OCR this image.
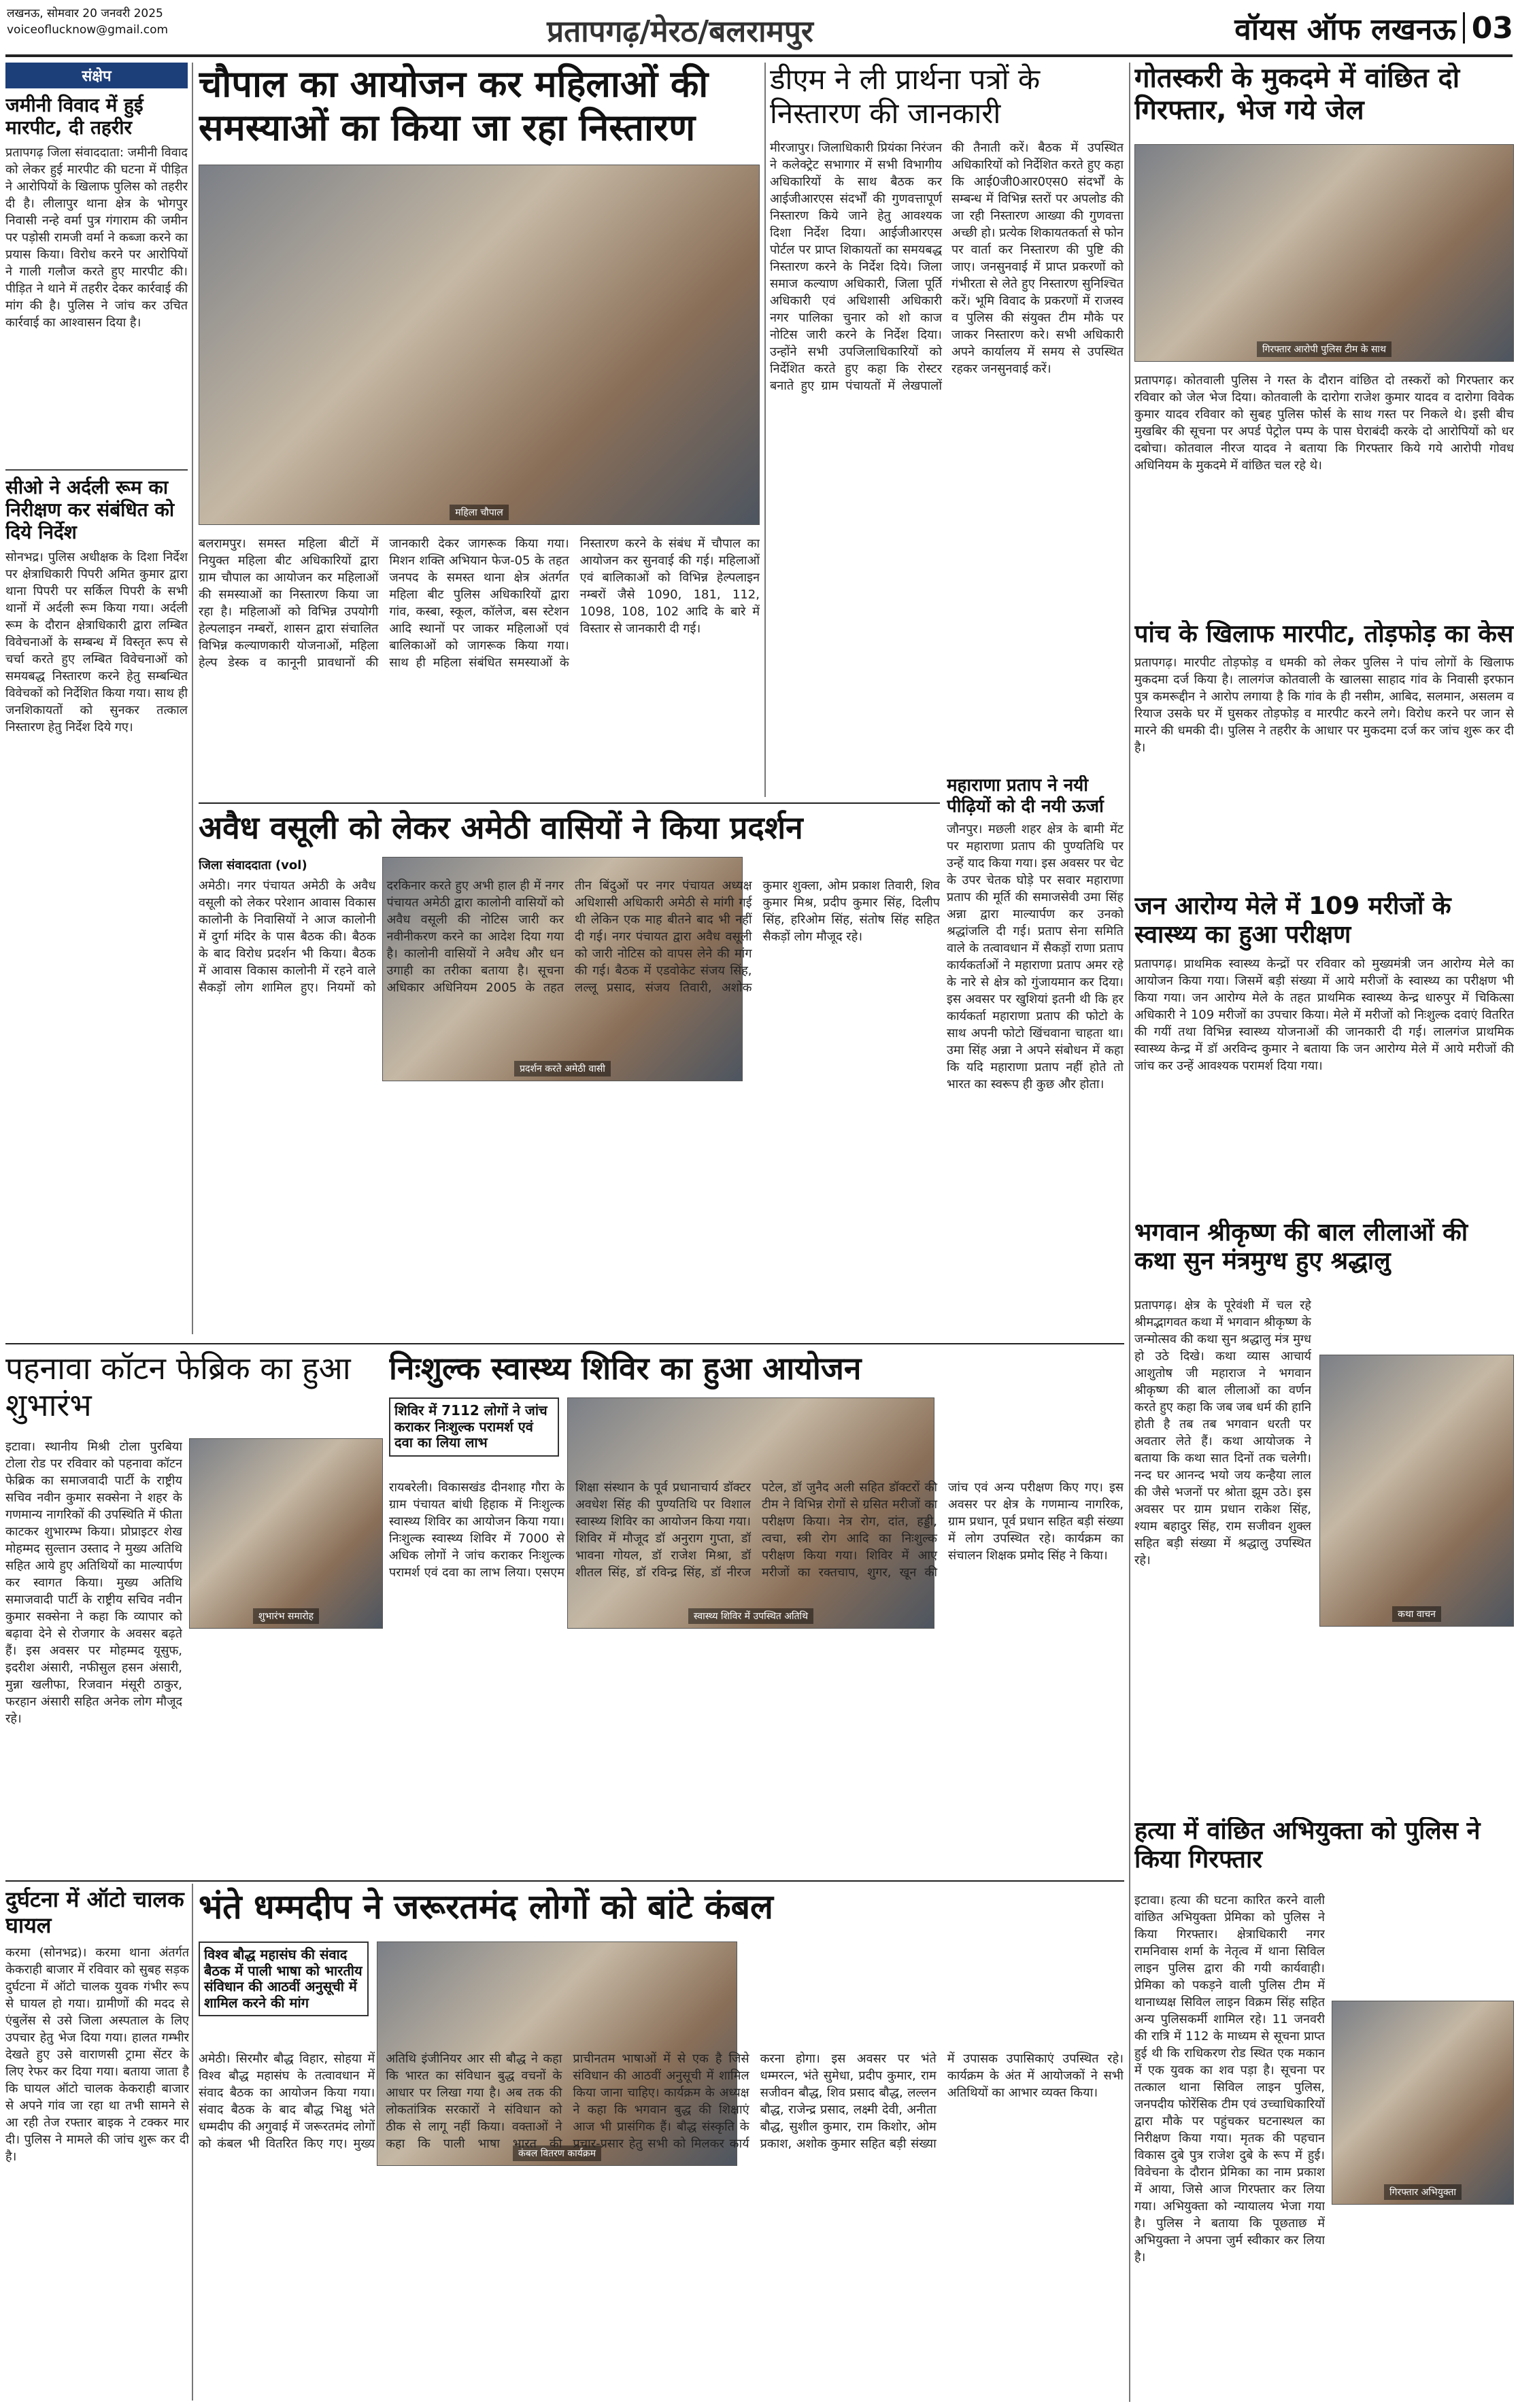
लखनऊ, सोमवार 20 जनवरी 2025
voiceoflucknow@gmail.com	प्रतापगढ़/मेरठ/बलरामपुर	वॉयस ऑफ लखनऊ 03
संक्षेप
जमीनी विवाद में हुई मारपीट, दी तहरीर

प्रतापगढ़ जिला संवाददाता: जमीनी विवाद को लेकर हुई मारपीट की घटना में पीड़ित ने आरोपियों के खिलाफ पुलिस को तहरीर दी है। लीलापुर थाना क्षेत्र के भोगपुर निवासी नन्हे वर्मा पुत्र गंगाराम की जमीन पर पड़ोसी रामजी वर्मा ने कब्जा करने का प्रयास किया। विरोध करने पर आरोपियों ने गाली गलौज करते हुए मारपीट की। पीड़ित ने थाने में तहरीर देकर कार्रवाई की मांग की है। पुलिस ने जांच कर उचित कार्रवाई का आश्वासन दिया है।

सीओ ने अर्दली रूम का निरीक्षण कर संबंधित को दिये निर्देश

सोनभद्र। पुलिस अधीक्षक के दिशा निर्देश पर क्षेत्राधिकारी पिपरी अमित कुमार द्वारा थाना पिपरी पर सर्किल पिपरी के सभी थानों में अर्दली रूम किया गया। अर्दली रूम के दौरान क्षेत्राधिकारी द्वारा लम्बित विवेचनाओं के सम्बन्ध में विस्तृत रूप से चर्चा करते हुए लम्बित विवेचनाओं को समयबद्ध निस्तारण करने हेतु सम्बन्धित विवेचकों को निर्देशित किया गया। साथ ही जनशिकायतों को सुनकर तत्काल निस्तारण हेतु निर्देश दिये गए।

चौपाल का आयोजन कर महिलाओं की समस्याओं का किया जा रहा निस्तारण
महिला चौपाल

बलरामपुर। समस्त महिला बीटों में नियुक्त महिला बीट अधिकारियों द्वारा ग्राम चौपाल का आयोजन कर महिलाओं की समस्याओं का निस्तारण किया जा रहा है। महिलाओं को विभिन्न उपयोगी हेल्पलाइन नम्बरों, शासन द्वारा संचालित विभिन्न कल्याणकारी योजनाओं, महिला हेल्प डेस्क व कानूनी प्रावधानों की जानकारी देकर जागरूक किया गया। मिशन शक्ति अभियान फेज-05 के तहत जनपद के समस्त थाना क्षेत्र अंतर्गत महिला बीट पुलिस अधिकारियों द्वारा गांव, कस्बा, स्कूल, कॉलेज, बस स्टेशन आदि स्थानों पर जाकर महिलाओं एवं बालिकाओं को जागरूक किया गया। साथ ही महिला संबंधित समस्याओं के निस्तारण करने के संबंध में चौपाल का आयोजन कर सुनवाई की गई। महिलाओं एवं बालिकाओं को विभिन्न हेल्पलाइन नम्बरों जैसे 1090, 181, 112, 1098, 108, 102 आदि के बारे में विस्तार से जानकारी दी गई।

डीएम ने ली प्रार्थना पत्रों के निस्तारण की जानकारी

मीरजापुर। जिलाधिकारी प्रियंका निरंजन ने कलेक्ट्रेट सभागार में सभी विभागीय अधिकारियों के साथ बैठक कर आईजीआरएस संदर्भों की गुणवत्तापूर्ण निस्तारण किये जाने हेतु आवश्यक दिशा निर्देश दिया। आईजीआरएस पोर्टल पर प्राप्त शिकायतों का समयबद्ध निस्तारण करने के निर्देश दिये। जिला समाज कल्याण अधिकारी, जिला पूर्ति अधिकारी एवं अधिशासी अधिकारी नगर पालिका चुनार को शो काज नोटिस जारी करने के निर्देश दिया। उन्होंने सभी उपजिलाधिकारियों को निर्देशित करते हुए कहा कि रोस्टर बनाते हुए ग्राम पंचायतों में लेखपालों की तैनाती करें। बैठक में उपस्थित अधिकारियों को निर्देशित करते हुए कहा कि आई0जी0आर0एस0 संदर्भों के सम्बन्ध में विभिन्न स्तरों पर अपलोड की जा रही निस्तारण आख्या की गुणवत्ता अच्छी हो। प्रत्येक शिकायतकर्ता से फोन पर वार्ता कर निस्तारण की पुष्टि की जाए। जनसुनवाई में प्राप्त प्रकरणों को गंभीरता से लेते हुए निस्तारण सुनिश्चित करें। भूमि विवाद के प्रकरणों में राजस्व व पुलिस की संयुक्त टीम मौके पर जाकर निस्तारण करे। सभी अधिकारी अपने कार्यालय में समय से उपस्थित रहकर जनसुनवाई करें।

गोतस्करी के मुकदमे में वांछित दो गिरफ्तार, भेज गये जेल
गिरफ्तार आरोपी पुलिस टीम के साथ

प्रतापगढ़। कोतवाली पुलिस ने गस्त के दौरान वांछित दो तस्करों को गिरफ्तार कर रविवार को जेल भेज दिया। कोतवाली के दारोगा राजेश कुमार यादव व दारोगा विवेक कुमार यादव रविवार को सुबह पुलिस फोर्स के साथ गस्त पर निकले थे। इसी बीच मुखबिर की सूचना पर अपर्ड पेट्रोल पम्प के पास घेराबंदी करके दो आरोपियों को धर दबोचा। कोतवाल नीरज यादव ने बताया कि गिरफ्तार किये गये आरोपी गोवध अधिनियम के मुकदमे में वांछित चल रहे थे।

पांच के खिलाफ मारपीट, तोड़फोड़ का केस

प्रतापगढ़। मारपीट तोड़फोड़ व धमकी को लेकर पुलिस ने पांच लोगों के खिलाफ मुकदमा दर्ज किया है। लालगंज कोतवाली के खालसा साहाद गांव के निवासी इरफान पुत्र कमरूद्दीन ने आरोप लगाया है कि गांव के ही नसीम, आबिद, सलमान, असलम व रियाज उसके घर में घुसकर तोड़फोड़ व मारपीट करने लगे। विरोध करने पर जान से मारने की धमकी दी। पुलिस ने तहरीर के आधार पर मुकदमा दर्ज कर जांच शुरू कर दी है।

जन आरोग्य मेले में 109 मरीजों के स्वास्थ्य का हुआ परीक्षण

प्रतापगढ़। प्राथमिक स्वास्थ्य केन्द्रों पर रविवार को मुख्यमंत्री जन आरोग्य मेले का आयोजन किया गया। जिसमें बड़ी संख्या में आये मरीजों के स्वास्थ्य का परीक्षण भी किया गया। जन आरोग्य मेले के तहत प्राथमिक स्वास्थ्य केन्द्र धारुपुर में चिकित्सा अधिकारी ने 109 मरीजों का उपचार किया। मेले में मरीजों को निःशुल्क दवाएं वितरित की गयीं तथा विभिन्न स्वास्थ्य योजनाओं की जानकारी दी गई। लालगंज प्राथमिक स्वास्थ्य केन्द्र में डॉ अरविन्द कुमार ने बताया कि जन आरोग्य मेले में आये मरीजों की जांच कर उन्हें आवश्यक परामर्श दिया गया।

भगवान श्रीकृष्ण की बाल लीलाओं की कथा सुन मंत्रमुग्ध हुए श्रद्धालु

प्रतापगढ़। क्षेत्र के पूरेवंशी में चल रहे श्रीमद्भागवत कथा में भगवान श्रीकृष्ण के जन्मोत्सव की कथा सुन श्रद्धालु मंत्र मुग्ध हो उठे दिखे। कथा व्यास आचार्य आशुतोष जी महाराज ने भगवान श्रीकृष्ण की बाल लीलाओं का वर्णन करते हुए कहा कि जब जब धर्म की हानि होती है तब तब भगवान धरती पर अवतार लेते हैं। कथा आयोजक ने बताया कि कथा सात दिनों तक चलेगी। नन्द घर आनन्द भयो जय कन्हैया लाल की जैसे भजनों पर श्रोता झूम उठे। इस अवसर पर ग्राम प्रधान राकेश सिंह, श्याम बहादुर सिंह, राम सजीवन शुक्ल सहित बड़ी संख्या में श्रद्धालु उपस्थित रहे।

कथा वाचन
हत्या में वांछित अभियुक्ता को पुलिस ने किया गिरफ्तार
गिरफ्तार अभियुक्ता

इटावा। हत्या की घटना कारित करने वाली वांछित अभियुक्ता प्रेमिका को पुलिस ने किया गिरफ्तार। क्षेत्राधिकारी नगर रामनिवास शर्मा के नेतृत्व में थाना सिविल लाइन पुलिस द्वारा की गयी कार्यवाही। प्रेमिका को पकड़ने वाली पुलिस टीम में थानाध्यक्ष सिविल लाइन विक्रम सिंह सहित अन्य पुलिसकर्मी शामिल रहे। 11 जनवरी की रात्रि में 112 के माध्यम से सूचना प्राप्त हुई थी कि राधिकरण रोड स्थित एक मकान में एक युवक का शव पड़ा है। सूचना पर तत्काल थाना सिविल लाइन पुलिस, जनपदीय फोरेंसिक टीम एवं उच्चाधिकारियों द्वारा मौके पर पहुंचकर घटनास्थल का निरीक्षण किया गया। मृतक की पहचान विकास दुबे पुत्र राजेश दुबे के रूप में हुई। विवेचना के दौरान प्रेमिका का नाम प्रकाश में आया, जिसे आज गिरफ्तार कर लिया गया। अभियुक्ता को न्यायालय भेजा गया है। पुलिस ने बताया कि पूछताछ में अभियुक्ता ने अपना जुर्म स्वीकार कर लिया है।

महाराणा प्रताप ने नयी पीढ़ियों को दी नयी ऊर्जा

जौनपुर। मछली शहर क्षेत्र के बामी मेंट पर महाराणा प्रताप की पुण्यतिथि पर उन्हें याद किया गया। इस अवसर पर चेट के उपर चेतक घोड़े पर सवार महाराणा प्रताप की मूर्ति की समाजसेवी उमा सिंह अन्ना द्वारा माल्यार्पण कर उनको श्रद्धांजलि दी गई। प्रताप सेना समिति वाले के तत्वावधान में सैकड़ों राणा प्रताप कार्यकर्ताओं ने महाराणा प्रताप अमर रहे के नारे से क्षेत्र को गुंजायमान कर दिया। इस अवसर पर खुशियां इतनी थी कि हर कार्यकर्ता महाराणा प्रताप की फोटो के साथ अपनी फोटो खिंचवाना चाहता था। उमा सिंह अन्ना ने अपने संबोधन में कहा कि यदि महाराणा प्रताप नहीं होते तो भारत का स्वरूप ही कुछ और होता।

अवैध वसूली को लेकर अमेठी वासियों ने किया प्रदर्शन
जिला संवाददाता (vol)
प्रदर्शन करते अमेठी वासी

अमेठी। नगर पंचायत अमेठी के अवैध वसूली को लेकर परेशान आवास विकास कालोनी के निवासियों ने आज कालोनी में दुर्गा मंदिर के पास बैठक की। बैठक के बाद विरोध प्रदर्शन भी किया। बैठक में आवास विकास कालोनी में रहने वाले सैकड़ों लोग शामिल हुए। नियमों को दरकिनार करते हुए अभी हाल ही में नगर पंचायत अमेठी द्वारा कालोनी वासियों को अवैध वसूली की नोटिस जारी कर नवीनीकरण करने का आदेश दिया गया है। कालोनी वासियों ने अवैध और धन उगाही का तरीका बताया है। सूचना अधिकार अधिनियम 2005 के तहत तीन बिंदुओं पर नगर पंचायत अध्यक्ष अधिशासी अधिकारी अमेठी से मांगी गई थी लेकिन एक माह बीतने बाद भी नहीं दी गई। नगर पंचायत द्वारा अवैध वसूली को जारी नोटिस को वापस लेने की मांग की गई। बैठक में एडवोकेट संजय सिंह, लल्लू प्रसाद, संजय तिवारी, अशोक कुमार शुक्ला, ओम प्रकाश तिवारी, शिव कुमार मिश्र, प्रदीप कुमार सिंह, दिलीप सिंह, हरिओम सिंह, संतोष सिंह सहित सैकड़ों लोग मौजूद रहे।

पहनावा कॉटन फेब्रिक का हुआ शुभारंभ
शुभारंभ समारोह

इटावा। स्थानीय मिश्री टोला पुरबिया टोला रोड पर रविवार को पहनावा कॉटन फेब्रिक का समाजवादी पार्टी के राष्ट्रीय सचिव नवीन कुमार सक्सेना ने शहर के गणमान्य नागरिकों की उपस्थिति में फीता काटकर शुभारम्भ किया। प्रोप्राइटर शेख मोहम्मद सुल्तान उस्ताद ने मुख्य अतिथि सहित आये हुए अतिथियों का माल्यार्पण कर स्वागत किया। मुख्य अतिथि समाजवादी पार्टी के राष्ट्रीय सचिव नवीन कुमार सक्सेना ने कहा कि व्यापार को बढ़ावा देने से रोजगार के अवसर बढ़ते हैं। इस अवसर पर मोहम्मद यूसुफ, इदरीश अंसारी, नफीसुल हसन अंसारी, मुन्ना खलीफा, रिजवान मंसूरी ठाकुर, फरहान अंसारी सहित अनेक लोग मौजूद रहे।

निःशुल्क स्वास्थ्य शिविर का हुआ आयोजन
शिविर में 7112 लोगों ने जांच कराकर निःशुल्क परामर्श एवं दवा का लिया लाभ
स्वास्थ्य शिविर में उपस्थित अतिथि

रायबरेली। विकासखंड दीनशाह गौरा के ग्राम पंचायत बांधी हिहाक में निःशुल्क स्वास्थ्य शिविर का आयोजन किया गया। निःशुल्क स्वास्थ्य शिविर में 7000 से अधिक लोगों ने जांच कराकर निःशुल्क परामर्श एवं दवा का लाभ लिया। एसएम शिक्षा संस्थान के पूर्व प्रधानाचार्य डॉक्टर अवधेश सिंह की पुण्यतिथि पर विशाल स्वास्थ्य शिविर का आयोजन किया गया। शिविर में मौजूद डॉ अनुराग गुप्ता, डॉ भावना गोयल, डॉ राजेश मिश्रा, डॉ शीतल सिंह, डॉ रविन्द्र सिंह, डॉ नीरज पटेल, डॉ जुनैद अली सहित डॉक्टरों की टीम ने विभिन्न रोगों से ग्रसित मरीजों का परीक्षण किया। नेत्र रोग, दांत, हड्डी, त्वचा, स्त्री रोग आदि का निःशुल्क परीक्षण किया गया। शिविर में आए मरीजों का रक्तचाप, शुगर, खून की जांच एवं अन्य परीक्षण किए गए। इस अवसर पर क्षेत्र के गणमान्य नागरिक, ग्राम प्रधान, पूर्व प्रधान सहित बड़ी संख्या में लोग उपस्थित रहे। कार्यक्रम का संचालन शिक्षक प्रमोद सिंह ने किया।

दुर्घटना में ऑटो चालक घायल

करमा (सोनभद्र)। करमा थाना अंतर्गत केकराही बाजार में रविवार को सुबह सड़क दुर्घटना में ऑटो चालक युवक गंभीर रूप से घायल हो गया। ग्रामीणों की मदद से एंबुलेंस से उसे जिला अस्पताल के लिए उपचार हेतु भेज दिया गया। हालत गम्भीर देखते हुए उसे वाराणसी ट्रामा सेंटर के लिए रेफर कर दिया गया। बताया जाता है कि घायल ऑटो चालक केकराही बाजार से अपने गांव जा रहा था तभी सामने से आ रही तेज रफ्तार बाइक ने टक्कर मार दी। पुलिस ने मामले की जांच शुरू कर दी है।

भंते धम्मदीप ने जरूरतमंद लोगों को बांटे कंबल
विश्व बौद्ध महासंघ की संवाद बैठक में पाली भाषा को भारतीय संविधान की आठवीं अनुसूची में शामिल करने की मांग
कंबल वितरण कार्यक्रम

अमेठी। सिरमौर बौद्ध विहार, सोहया में विश्व बौद्ध महासंघ के तत्वावधान में संवाद बैठक का आयोजन किया गया। संवाद बैठक के बाद बौद्ध भिक्षु भंते धम्मदीप की अगुवाई में जरूरतमंद लोगों को कंबल भी वितरित किए गए। मुख्य अतिथि इंजीनियर आर सी बौद्ध ने कहा कि भारत का संविधान बुद्ध वचनों के आधार पर लिखा गया है। अब तक की लोकतांत्रिक सरकारों ने संविधान को ठीक से लागू नहीं किया। वक्ताओं ने कहा कि पाली भाषा भारत की प्राचीनतम भाषाओं में से एक है जिसे संविधान की आठवीं अनुसूची में शामिल किया जाना चाहिए। कार्यक्रम के अध्यक्ष ने कहा कि भगवान बुद्ध की शिक्षाएं आज भी प्रासंगिक हैं। बौद्ध संस्कृति के प्रचार-प्रसार हेतु सभी को मिलकर कार्य करना होगा। इस अवसर पर भंते धम्मरत्न, भंते सुमेधा, प्रदीप कुमार, राम सजीवन बौद्ध, शिव प्रसाद बौद्ध, लल्लन बौद्ध, राजेन्द्र प्रसाद, लक्ष्मी देवी, अनीता बौद्ध, सुशील कुमार, राम किशोर, ओम प्रकाश, अशोक कुमार सहित बड़ी संख्या में उपासक उपासिकाएं उपस्थित रहे। कार्यक्रम के अंत में आयोजकों ने सभी अतिथियों का आभार व्यक्त किया।
